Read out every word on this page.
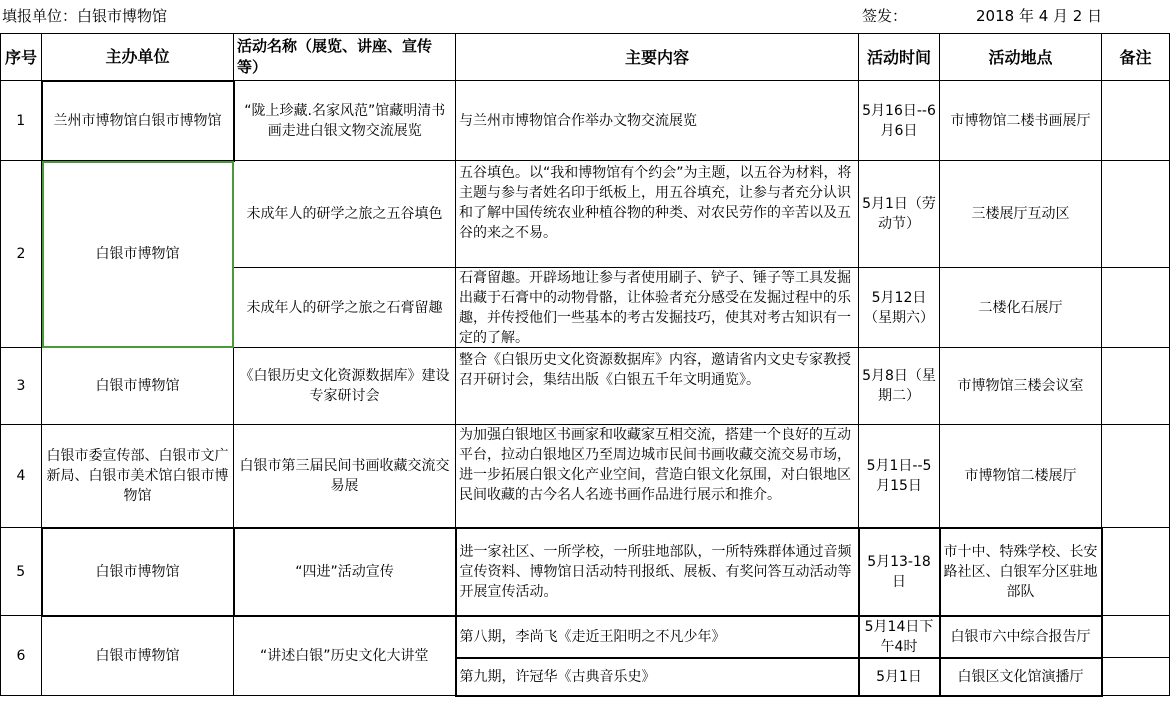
填报单位：白银市博物馆	签发：	2018 年 4 月 2 日
序号	主办单位	活动名称（展览、讲座、宣传等）	主要内容	活动时间	活动地点	备注
1	兰州市博物馆白银市博物馆	“陇上珍藏.名家风范”馆藏明清书画走进白银文物交流展览	与兰州市博物馆合作举办文物交流展览	5月16日--6月6日	市博物馆二楼书画展厅	
2	白银市博物馆	未成年人的研学之旅之五谷填色	五谷填色。以“我和博物馆有个约会”为主题，以五谷为材料，将主题与参与者姓名印于纸板上，用五谷填充，让参与者充分认识和了解中国传统农业种植谷物的种类、对农民劳作的辛苦以及五谷的来之不易。	5月1日（劳动节）	三楼展厅互动区	
		未成年人的研学之旅之石膏留趣	石膏留趣。开辟场地让参与者使用刷子、铲子、锤子等工具发掘出藏于石膏中的动物骨骼，让体验者充分感受在发掘过程中的乐趣，并传授他们一些基本的考古发掘技巧，使其对考古知识有一定的了解。	5月12日（星期六）	二楼化石展厅	
3	白银市博物馆	《白银历史文化资源数据库》建设专家研讨会	整合《白银历史文化资源数据库》内容，邀请省内文史专家教授召开研讨会，集结出版《白银五千年文明通览》。	5月8日（星期二）	市博物馆三楼会议室	
4	白银市委宣传部、白银市文广新局、白银市美术馆白银市博物馆	白银市第三届民间书画收藏交流交易展	为加强白银地区书画家和收藏家互相交流，搭建一个良好的互动平台，拉动白银地区乃至周边城市民间书画收藏交流交易市场，进一步拓展白银文化产业空间，营造白银文化氛围，对白银地区民间收藏的古今名人名迹书画作品进行展示和推介。	5月1日--5月15日	市博物馆二楼展厅	
5	白银市博物馆	“四进”活动宣传	进一家社区、一所学校，一所驻地部队，一所特殊群体通过音频宣传资料、博物馆日活动特刊报纸、展板、有奖问答互动活动等开展宣传活动。	5月13-18日	市十中、特殊学校、长安路社区、白银军分区驻地部队	
6	白银市博物馆	“讲述白银”历史文化大讲堂	第八期，李尚飞《走近王阳明之不凡少年》	5月14日下午4时	白银市六中综合报告厅	
			第九期，许冠华《古典音乐史》	5月1日	白银区文化馆演播厅	
